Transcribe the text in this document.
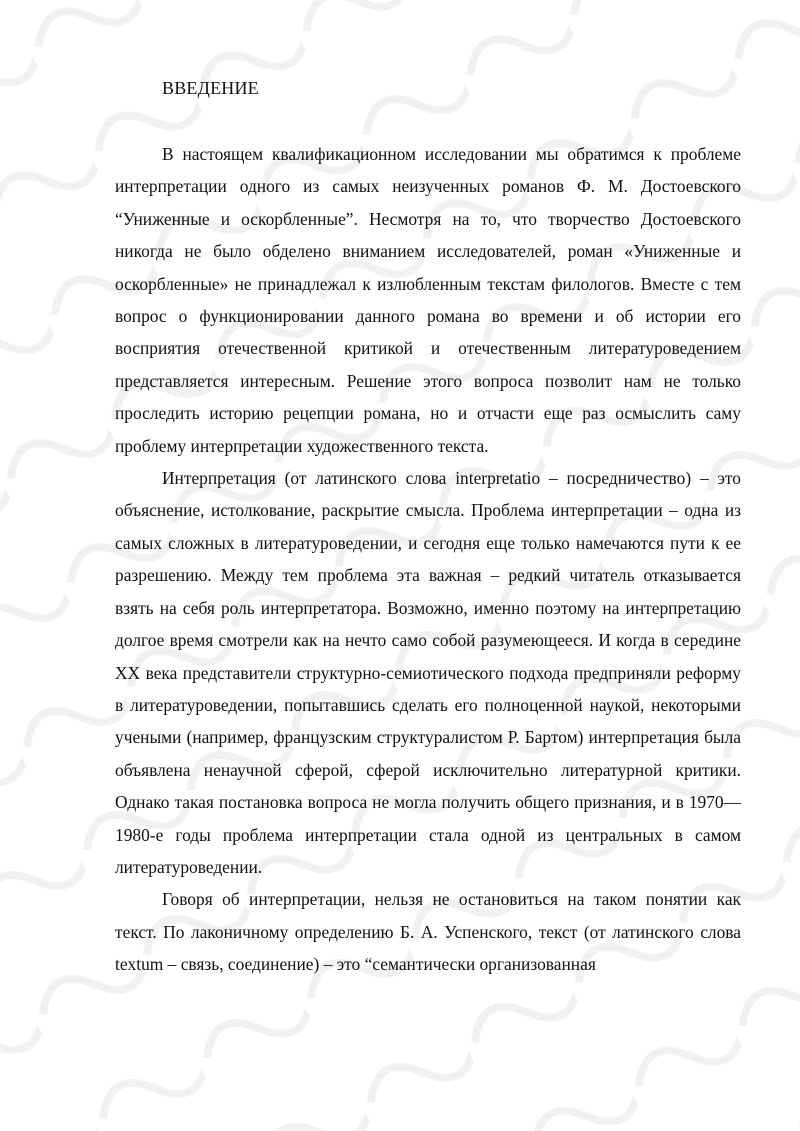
ВВЕДЕНИЕ

В настоящем квалификационном исследовании мы обратимся к проблеме интерпретации одного из самых неизученных романов Ф. М. Достоевского “Униженные и оскорбленные”. Несмотря на то, что творчество Достоевского никогда не было обделено вниманием исследователей, роман «Униженные и оскорбленные» не принадлежал к излюбленным текстам филологов. Вместе с тем вопрос о функционировании данного романа во времени и об истории его восприятия отечественной критикой и отечественным литературоведением представляется интересным. Решение этого вопроса позволит нам не только проследить историю рецепции романа, но и отчасти еще раз осмыслить саму проблему интерпретации художественного текста.

Интерпретация (от латинского слова interpretatio – посредничество) – это объяснение, истолкование, раскрытие смысла. Проблема интерпретации – одна из самых сложных в литературоведении, и сегодня еще только намечаются пути к ее разрешению. Между тем проблема эта важная – редкий читатель отказывается взять на себя роль интерпретатора. Возможно, именно поэтому на интерпретацию долгое время смотрели как на нечто само собой разумеющееся. И когда в середине XX века представители структурно-семиотического подхода предприняли реформу в литературоведении, попытавшись сделать его полноценной наукой, некоторыми учеными (например, французским структуралистом Р. Бартом) интерпретация была объявлена ненаучной сферой, сферой исключительно литературной критики. Однако такая постановка вопроса не могла получить общего признания, и в 1970—1980-е годы проблема интерпретации стала одной из центральных в самом литературоведении.

Говоря об интерпретации, нельзя не остановиться на таком понятии как текст. По лаконичному определению Б. А. Успенского, текст (от латинского слова textum – связь, соединение) – это “семантически организованная
